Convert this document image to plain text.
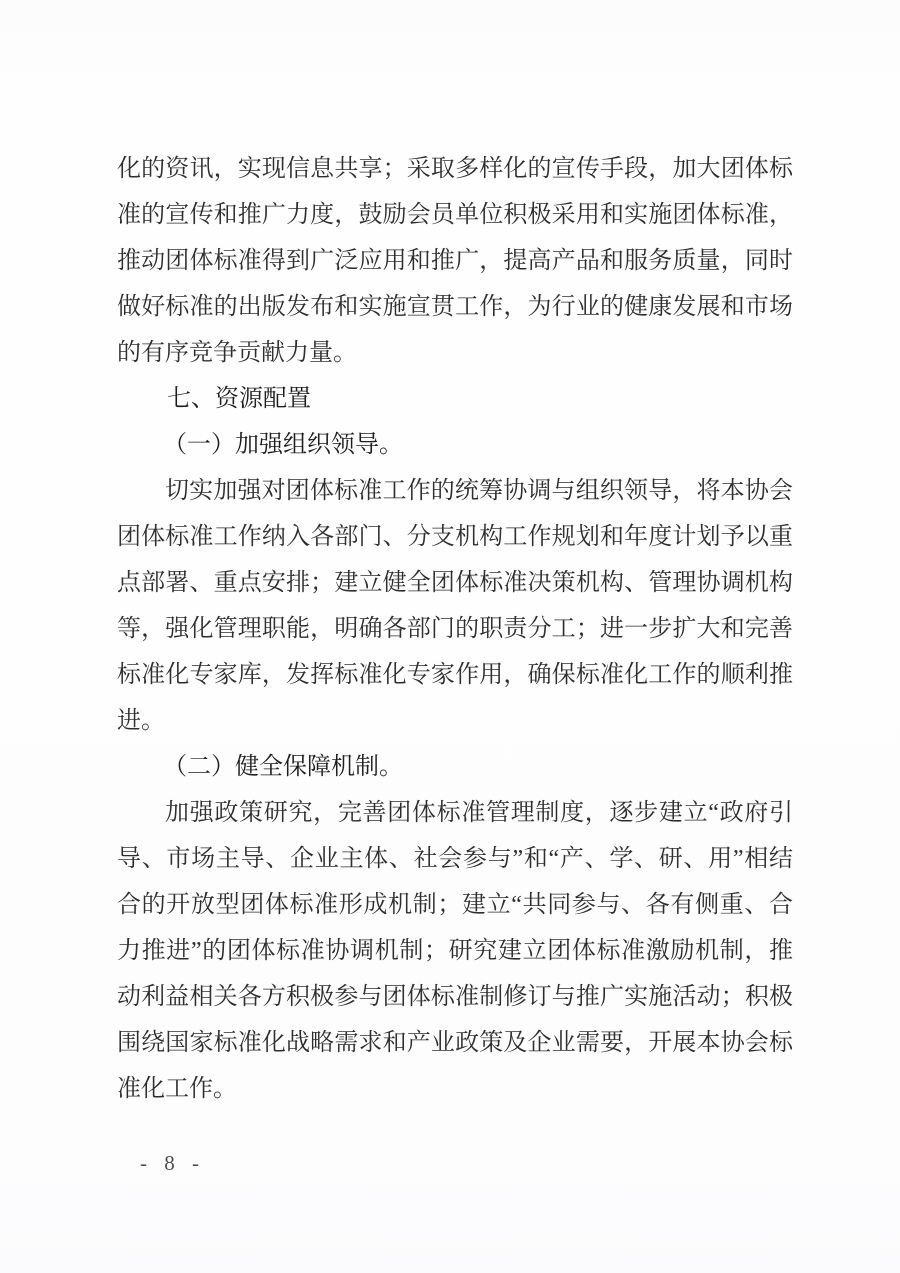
化的资讯，实现信息共享；采取多样化的宣传手段，加大团体标准的宣传和推广力度，鼓励会员单位积极采用和实施团体标准，推动团体标准得到广泛应用和推广，提高产品和服务质量，同时做好标准的出版发布和实施宣贯工作，为行业的健康发展和市场的有序竞争贡献力量。

七、资源配置
（一）加强组织领导。

切实加强对团体标准工作的统筹协调与组织领导，将本协会团体标准工作纳入各部门、分支机构工作规划和年度计划予以重点部署、重点安排；建立健全团体标准决策机构、管理协调机构等，强化管理职能，明确各部门的职责分工；进一步扩大和完善标准化专家库，发挥标准化专家作用，确保标准化工作的顺利推进。

（二）健全保障机制。

加强政策研究，完善团体标准管理制度，逐步建立“政府引导、市场主导、企业主体、社会参与”和“产、学、研、用”相结合的开放型团体标准形成机制；建立“共同参与、各有侧重、合力推进”的团体标准协调机制；研究建立团体标准激励机制，推动利益相关各方积极参与团体标准制修订与推广实施活动；积极围绕国家标准化战略需求和产业政策及企业需要，开展本协会标准化工作。

- 8 -
